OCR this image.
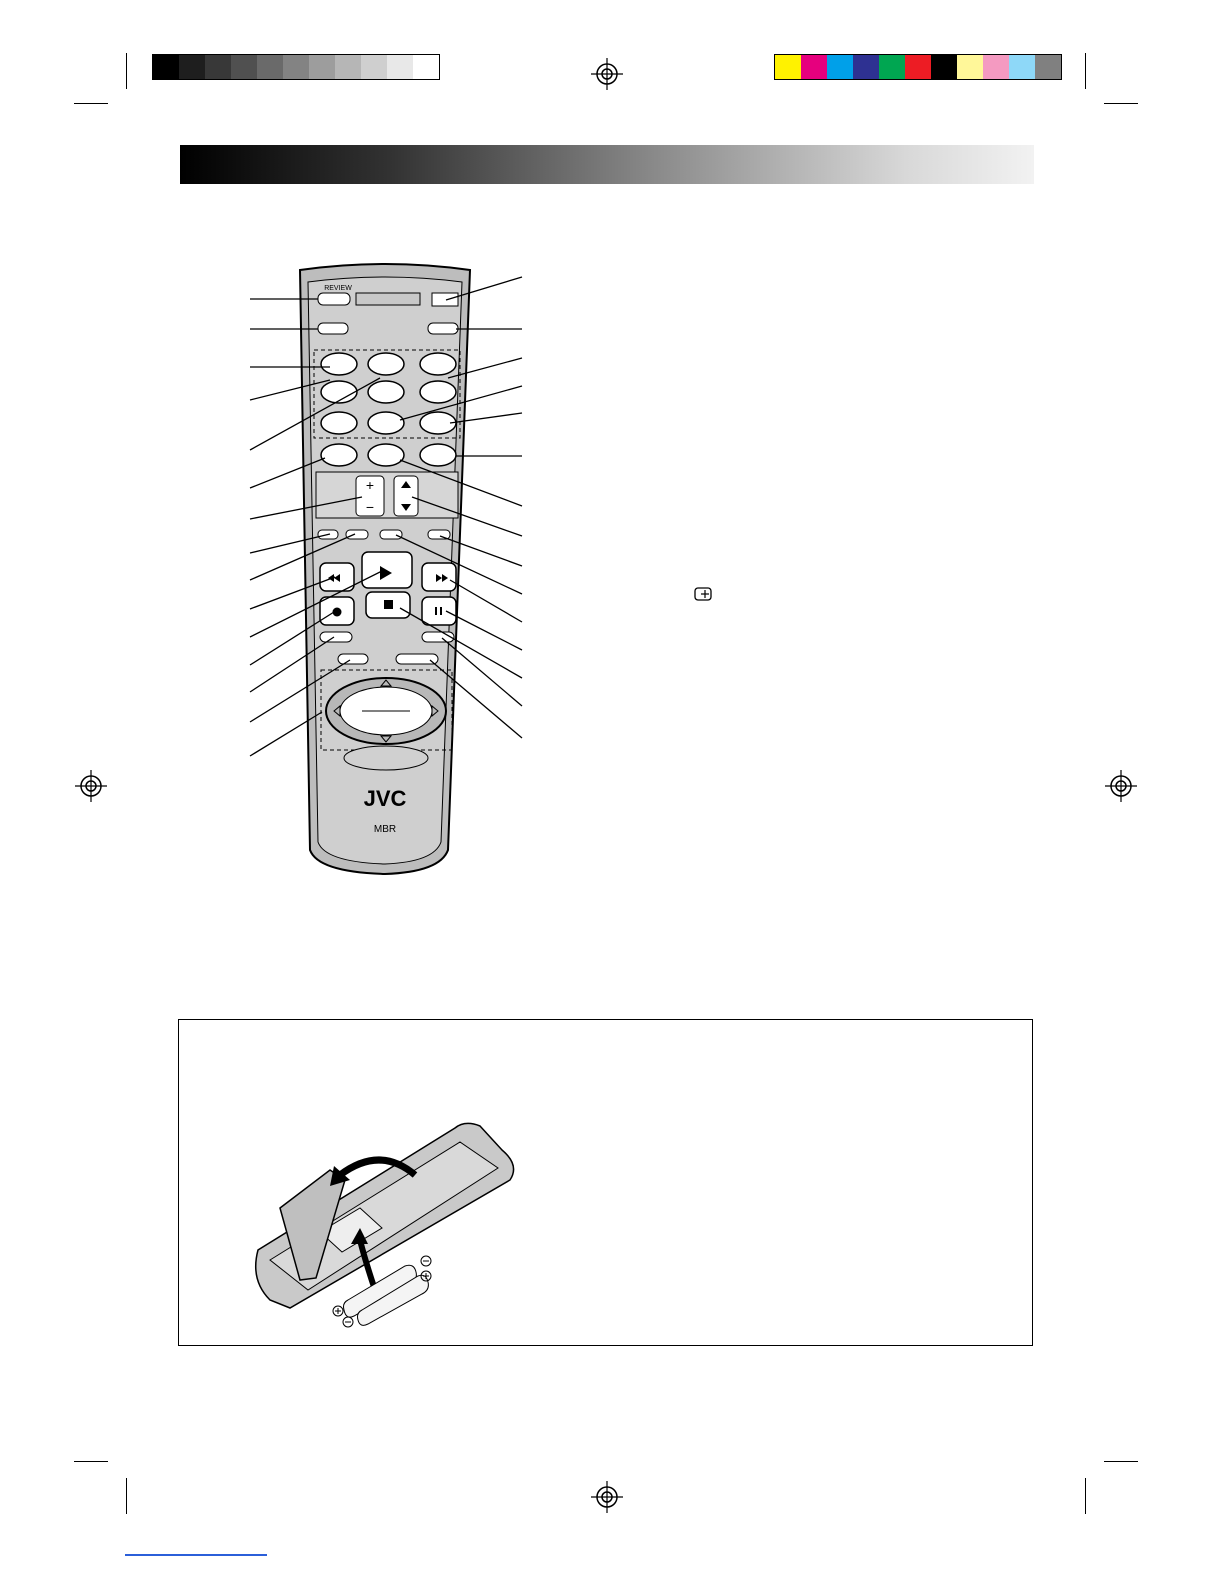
+
−
JVC
MBR
REVIEW
